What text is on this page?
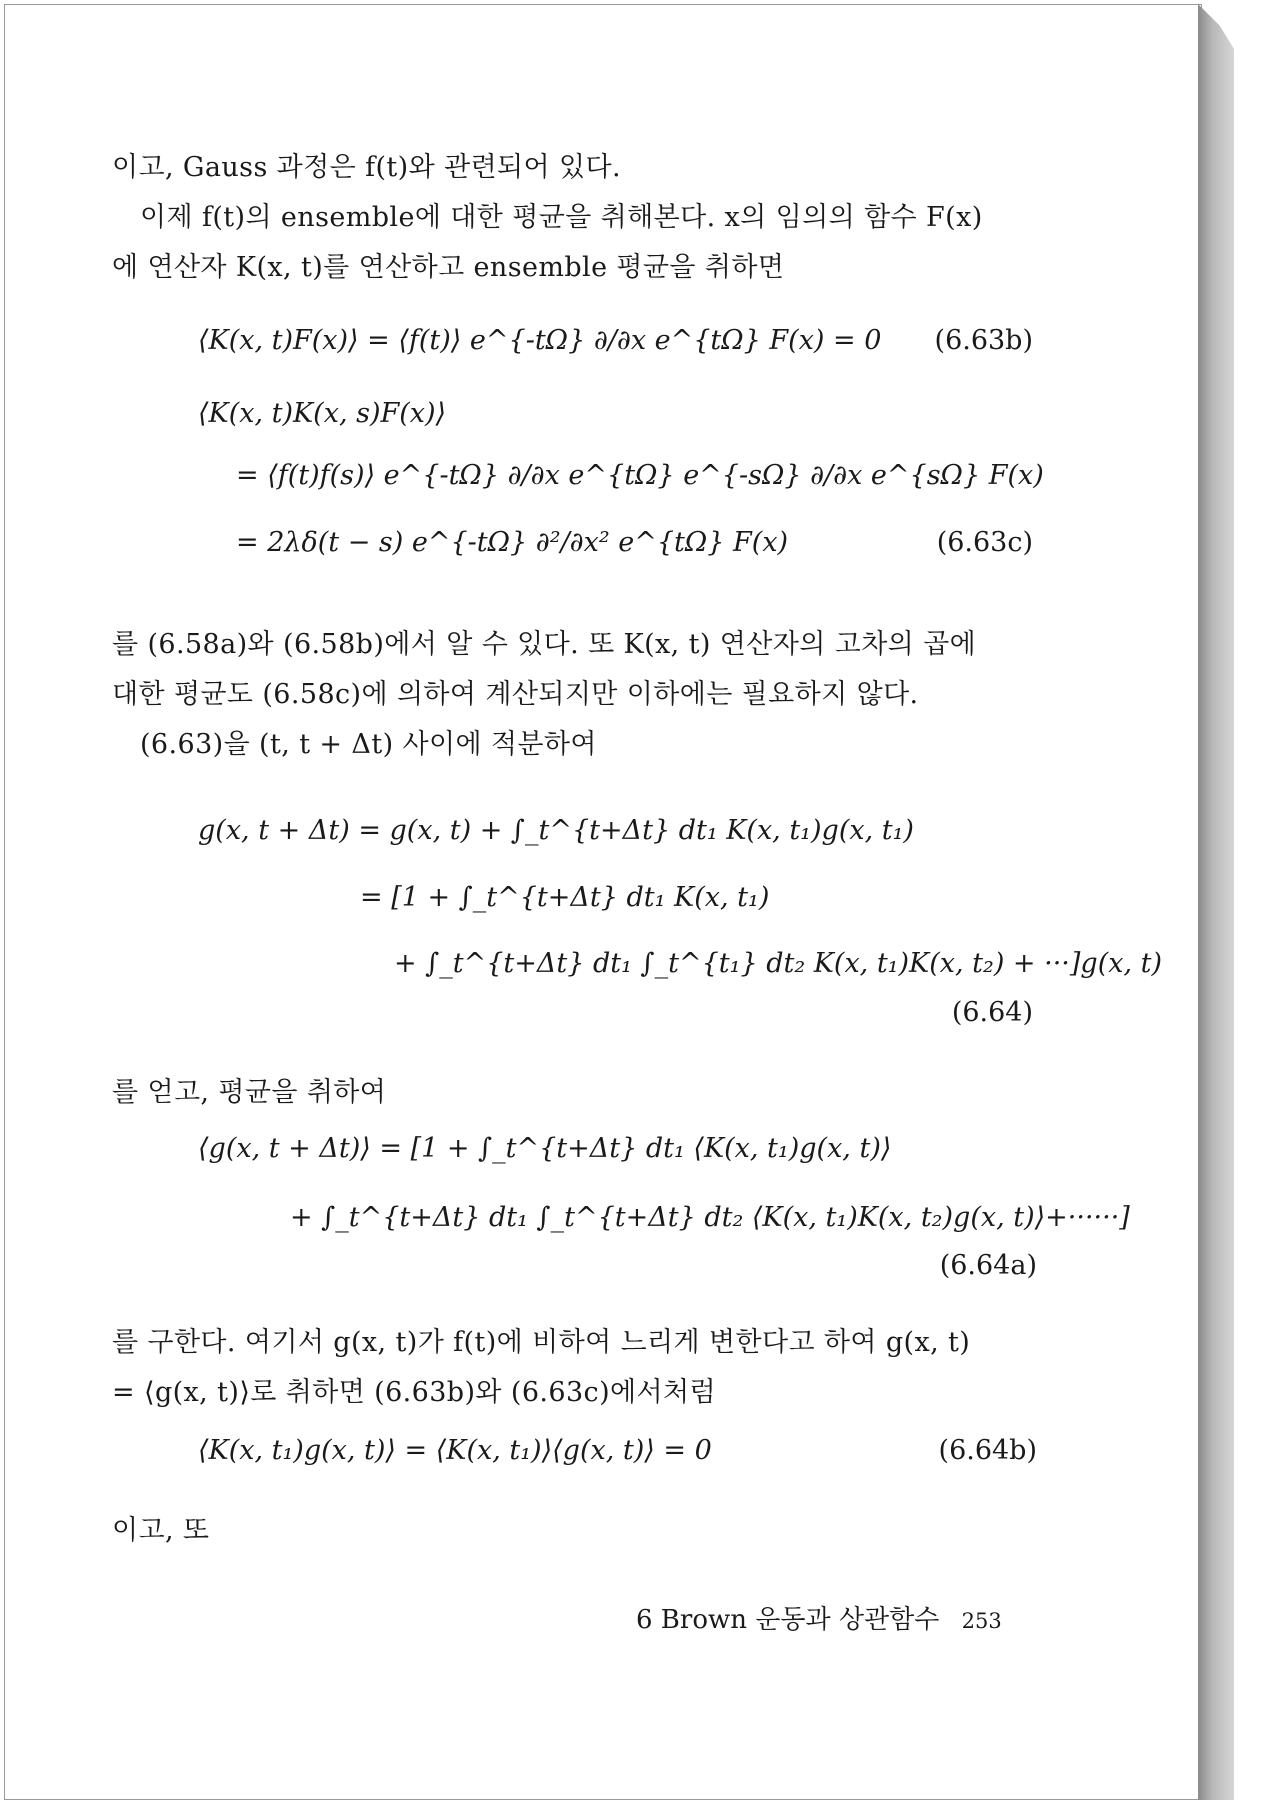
이고, Gauss 과정은 f(t)와 관련되어 있다.
이제 f(t)의 ensemble에 대한 평균을 취해본다. x의 임의의 함수 F(x)
에 연산자 K(x, t)를 연산하고 ensemble 평균을 취하면
⟨K(x, t)F(x)⟩ = ⟨f(t)⟩ e^{-tΩ} ∂/∂x e^{tΩ} F(x) = 0 (6.63b)
⟨K(x, t)K(x, s)F(x)⟩
= ⟨f(t)f(s)⟩ e^{-tΩ} ∂/∂x e^{tΩ} e^{-sΩ} ∂/∂x e^{sΩ} F(x)
= 2λδ(t − s) e^{-tΩ} ∂²/∂x² e^{tΩ} F(x)	(6.63c)
를 (6.58a)와 (6.58b)에서 알 수 있다. 또 K(x, t) 연산자의 고차의 곱에
대한 평균도 (6.58c)에 의하여 계산되지만 이하에는 필요하지 않다.
(6.63)을 (t, t + Δt) 사이에 적분하여
g(x, t + Δt) = g(x, t) + ∫_t^{t+Δt} dt₁ K(x, t₁)g(x, t₁)
= [1 + ∫_t^{t+Δt} dt₁ K(x, t₁)
+ ∫_t^{t+Δt} dt₁ ∫_t^{t₁} dt₂ K(x, t₁)K(x, t₂) + ···]g(x, t)
(6.64)
를 얻고, 평균을 취하여
⟨g(x, t + Δt)⟩ = [1 + ∫_t^{t+Δt} dt₁ ⟨K(x, t₁)g(x, t)⟩
+ ∫_t^{t+Δt} dt₁ ∫_t^{t+Δt} dt₂ ⟨K(x, t₁)K(x, t₂)g(x, t)⟩+······]
(6.64a)
를 구한다. 여기서 g(x, t)가 f(t)에 비하여 느리게 변한다고 하여 g(x, t)
= ⟨g(x, t)⟩로 취하면 (6.63b)와 (6.63c)에서처럼
⟨K(x, t₁)g(x, t)⟩ = ⟨K(x, t₁)⟩⟨g(x, t)⟩ = 0	(6.64b)
이고, 또
6 Brown 운동과 상관함수 253
